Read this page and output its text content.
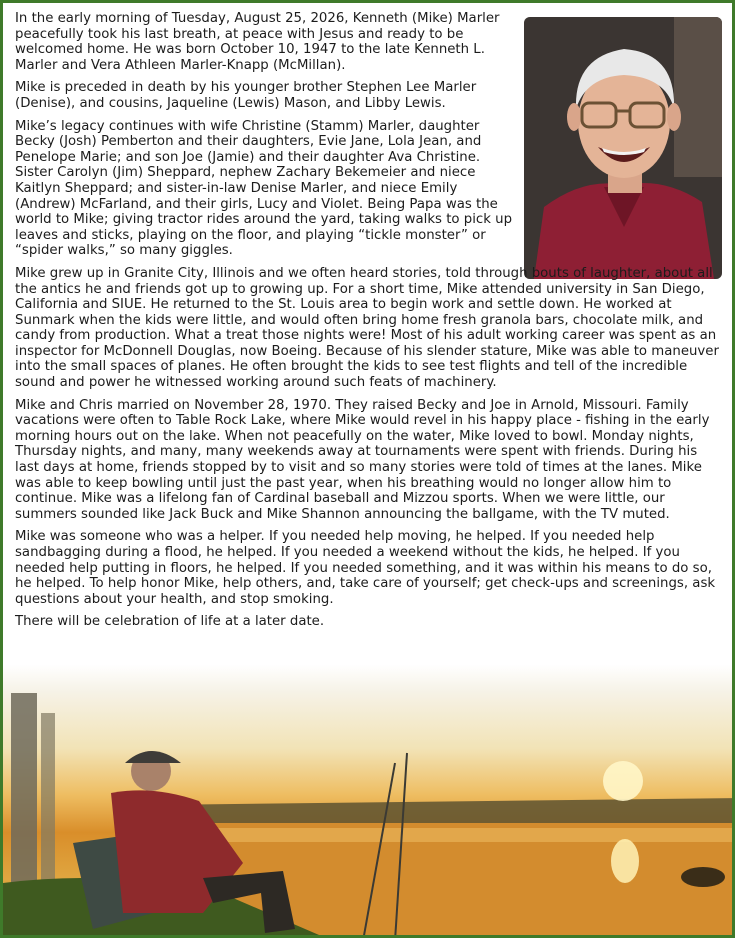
In the early morning of Tuesday, August 25, 2026, Kenneth (Mike) Marler peacefully took his last breath, at peace with Jesus and ready to be welcomed home. He was born October 10, 1947 to the late Kenneth L. Marler and Vera Athleen Marler-Knapp (McMillan).

Mike is preceded in death by his younger brother Stephen Lee Marler (Denise), and cousins, Jaqueline (Lewis) Mason, and Libby Lewis.

Mike’s legacy continues with wife Christine (Stamm) Marler, daughter Becky (Josh) Pemberton and their daughters, Evie Jane, Lola Jean, and Penelope Marie; and son Joe (Jamie) and their daughter Ava Christine. Sister Carolyn (Jim) Sheppard, nephew Zachary Bekemeier and niece Kaitlyn Sheppard; and sister-in-law Denise Marler, and niece Emily (Andrew) McFarland, and their girls, Lucy and Violet. Being Papa was the world to Mike; giving tractor rides around the yard, taking walks to pick up leaves and sticks, playing on the floor, and playing “tickle monster” or “spider walks,” so many giggles.

Mike grew up in Granite City, Illinois and we often heard stories, told through bouts of laughter, about all the antics he and friends got up to growing up. For a short time, Mike attended university in San Diego, California and SIUE. He returned to the St. Louis area to begin work and settle down. He worked at Sunmark when the kids were little, and would often bring home fresh granola bars, chocolate milk, and candy from production. What a treat those nights were! Most of his adult working career was spent as an inspector for McDonnell Douglas, now Boeing. Because of his slender stature, Mike was able to maneuver into the small spaces of planes. He often brought the kids to see test flights and tell of the incredible sound and power he witnessed working around such feats of machinery.

Mike and Chris married on November 28, 1970. They raised Becky and Joe in Arnold, Missouri. Family vacations were often to Table Rock Lake, where Mike would revel in his happy place - fishing in the early morning hours out on the lake. When not peacefully on the water, Mike loved to bowl. Monday nights, Thursday nights, and many, many weekends away at tournaments were spent with friends. During his last days at home, friends stopped by to visit and so many stories were told of times at the lanes. Mike was able to keep bowling until just the past year, when his breathing would no longer allow him to continue. Mike was a lifelong fan of Cardinal baseball and Mizzou sports. When we were little, our summers sounded like Jack Buck and Mike Shannon announcing the ballgame, with the TV muted.

Mike was someone who was a helper. If you needed help moving, he helped. If you needed help sandbagging during a flood, he helped. If you needed a weekend without the kids, he helped. If you needed help putting in floors, he helped. If you needed something, and it was within his means to do so, he helped. To help honor Mike, help others, and, take care of yourself; get check-ups and screenings, ask questions about your health, and stop smoking.

There will be celebration of life at a later date.
